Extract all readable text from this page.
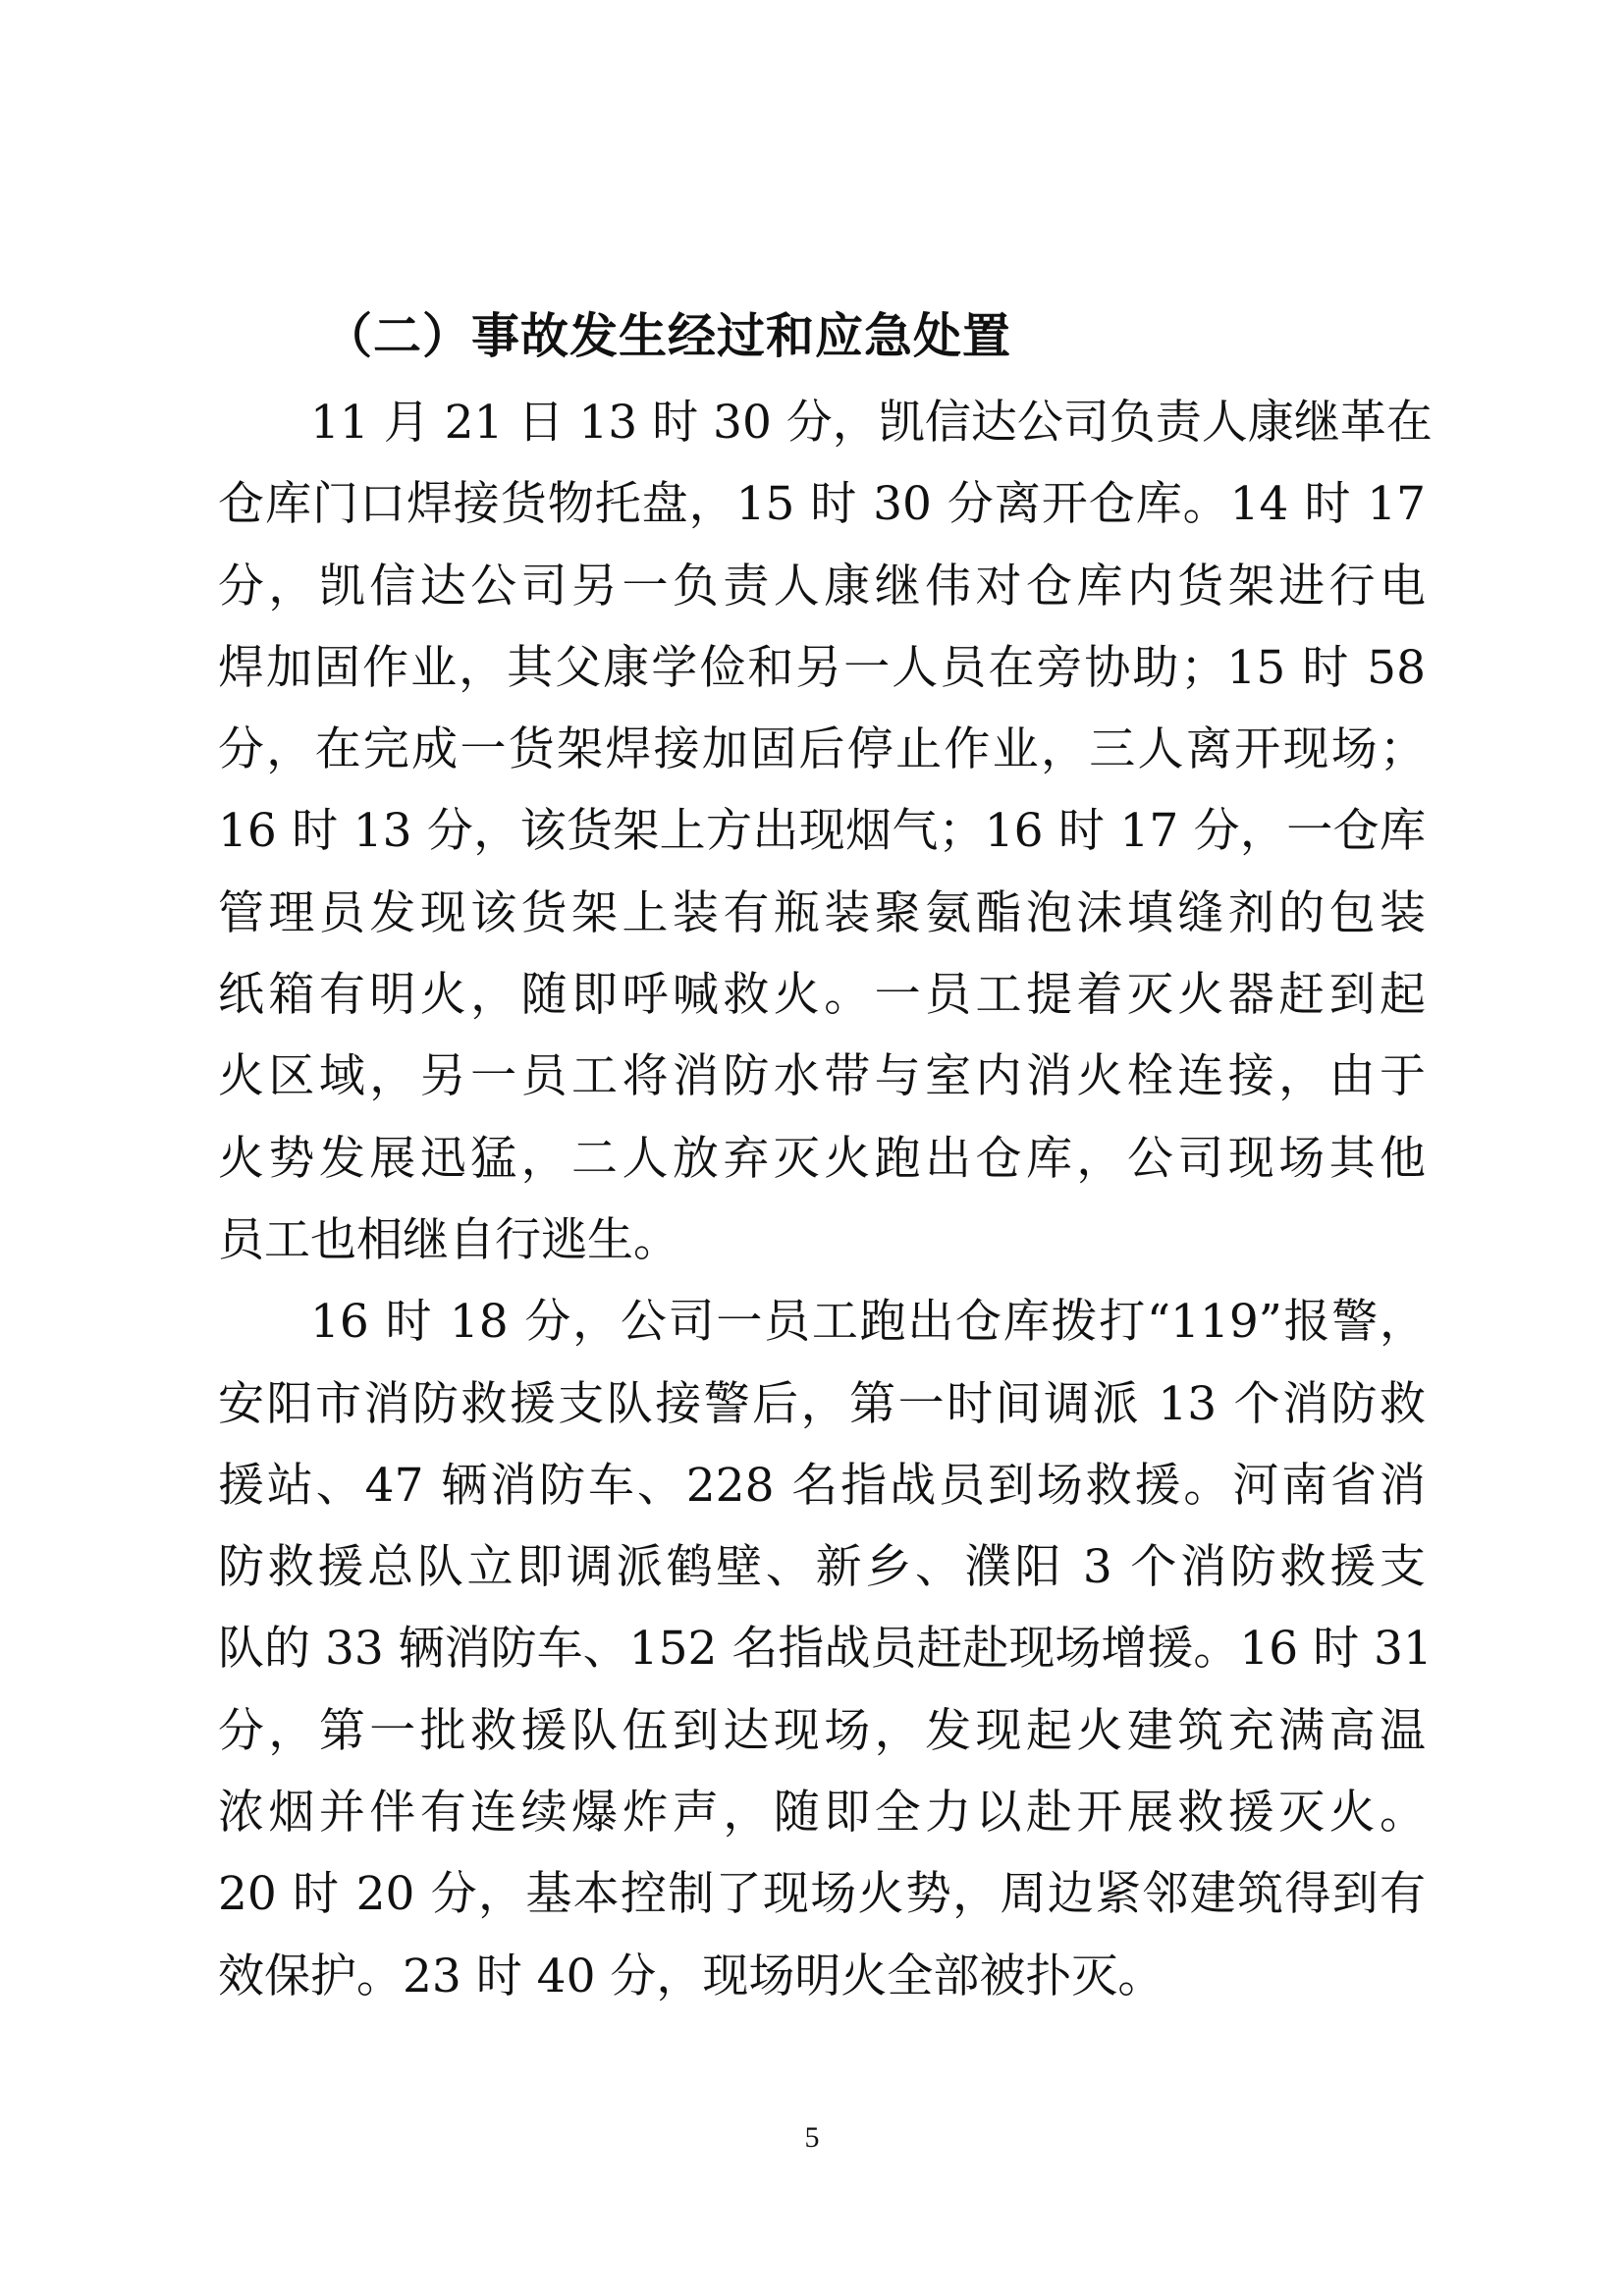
（二）事故发生经过和应急处置
11 月 21 日 13 时 30 分，凯信达公司负责人康继革在
仓库门口焊接货物托盘，15 时 30 分离开仓库。14 时 17
分，凯信达公司另一负责人康继伟对仓库内货架进行电
焊加固作业，其父康学俭和另一人员在旁协助；15 时 58
分，在完成一货架焊接加固后停止作业，三人离开现场；
16 时 13 分，该货架上方出现烟气；16 时 17 分，一仓库
管理员发现该货架上装有瓶装聚氨酯泡沫填缝剂的包装
纸箱有明火，随即呼喊救火。一员工提着灭火器赶到起
火区域，另一员工将消防水带与室内消火栓连接，由于
火势发展迅猛，二人放弃灭火跑出仓库，公司现场其他
员工也相继自行逃生。
16 时 18 分，公司一员工跑出仓库拨打“119”报警，
安阳市消防救援支队接警后，第一时间调派 13 个消防救
援站、47 辆消防车、228 名指战员到场救援。河南省消
防救援总队立即调派鹤壁、新乡、濮阳 3 个消防救援支
队的 33 辆消防车、152 名指战员赶赴现场增援。16 时 31
分，第一批救援队伍到达现场，发现起火建筑充满高温
浓烟并伴有连续爆炸声，随即全力以赴开展救援灭火。
20 时 20 分，基本控制了现场火势，周边紧邻建筑得到有
效保护。23 时 40 分，现场明火全部被扑灭。
5
